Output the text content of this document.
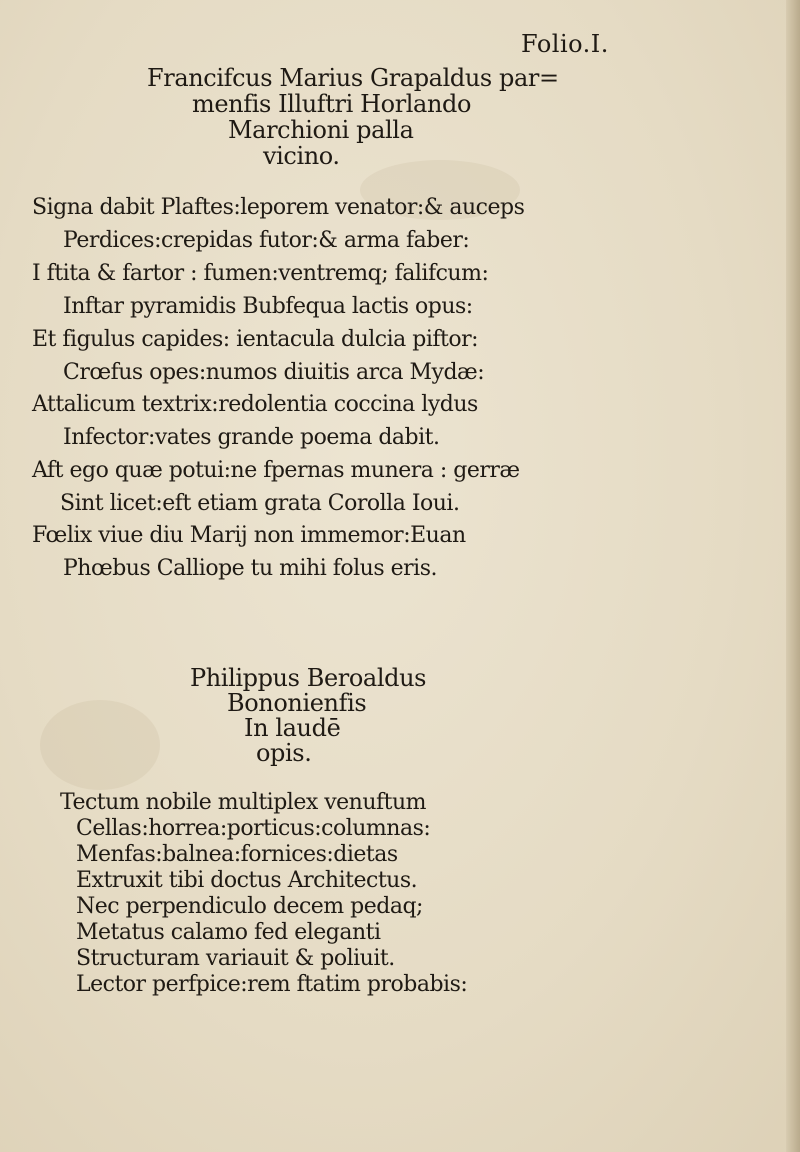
Folio.I.
Francifcus Marius Grapaldus par=
menfis Illuftri Horlando
Marchioni palla
vicino.
Signa dabit Plaftes:leporem venator:& auceps
Perdices:crepidas futor:& arma faber:
I ftita & fartor : fumen:ventremq; falifcum:
Inftar pyramidis Bubfequa lactis opus:
Et figulus capides: ientacula dulcia piftor:
Crœfus opes:numos diuitis arca Mydæ:
Attalicum textrix:redolentia coccina lydus
Infector:vates grande poema dabit.
Aft ego quæ potui:ne fpernas munera : gerræ
Sint licet:eft etiam grata Corolla Ioui.
Fœlix viue diu Marij non immemor:Euan
Phœbus Calliope tu mihi folus eris.
Philippus Beroaldus
Bononienfis
In laudē
opis.
Tectum nobile multiplex venuftum
Cellas:horrea:porticus:columnas:
Menfas:balnea:fornices:dietas
Extruxit tibi doctus Architectus.
Nec perpendiculo decem pedaq;
Metatus calamo fed eleganti
Structuram variauit & poliuit.
Lector perfpice:rem ftatim probabis:
